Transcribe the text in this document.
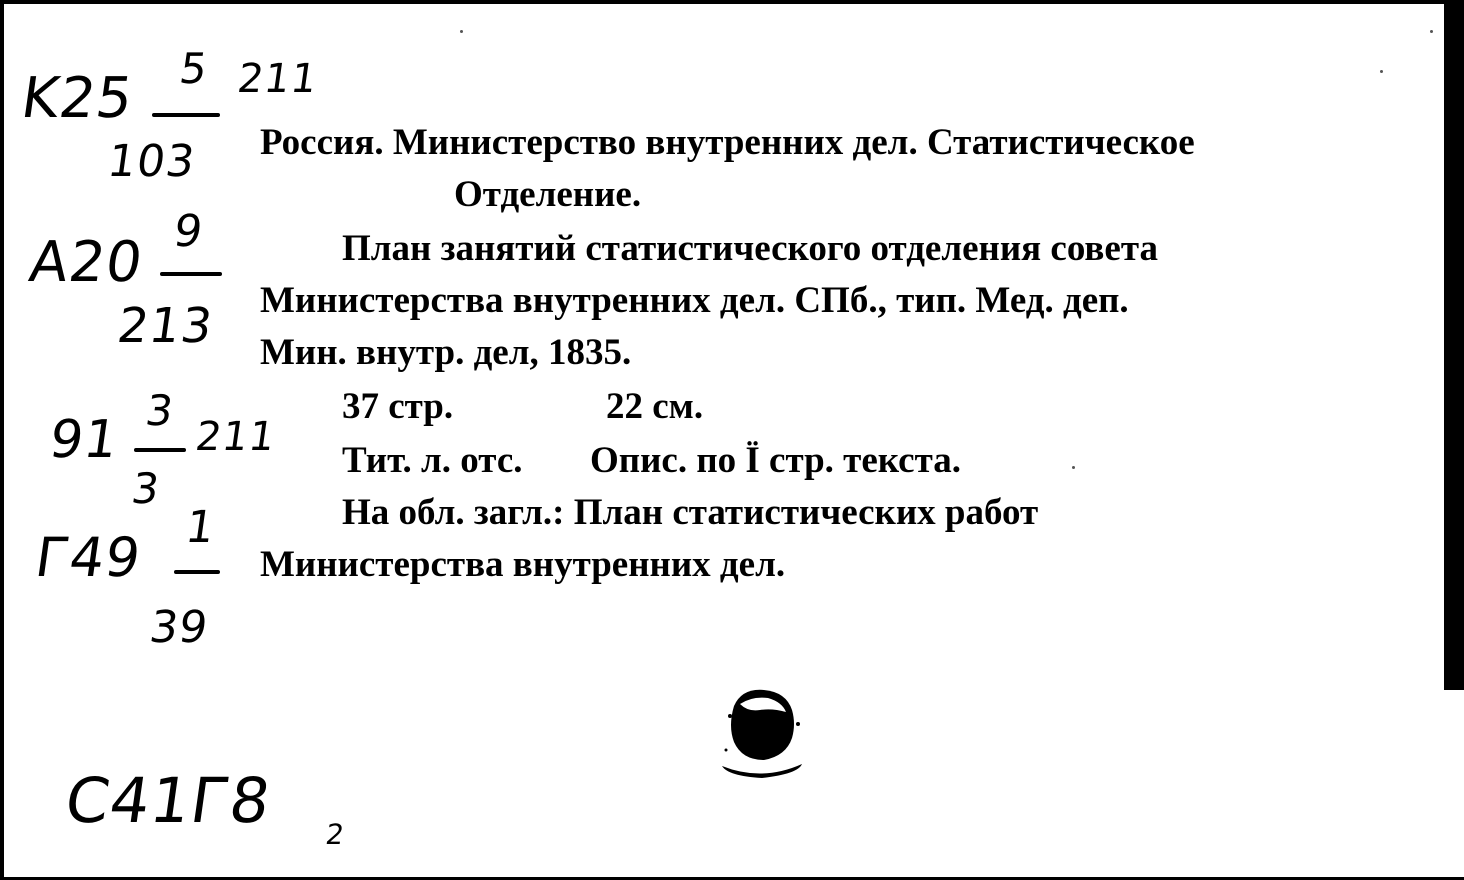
K25 5 211
103
A20 9
213
91 3
211
3
Г49 1
39
C41Г8 2
Россия. Министерство внутренних дел. Статистическое
Отделение.
План занятий статистического отделения совета
Министерства внутренних дел. СПб., тип. Мед. деп.
Мин. внутр. дел, 1835.
37 стр.	22 см.
Тит. л. отс. Опис. по Ї стр. текста.
На обл. загл.: План статистических работ
Министерства внутренних дел.
